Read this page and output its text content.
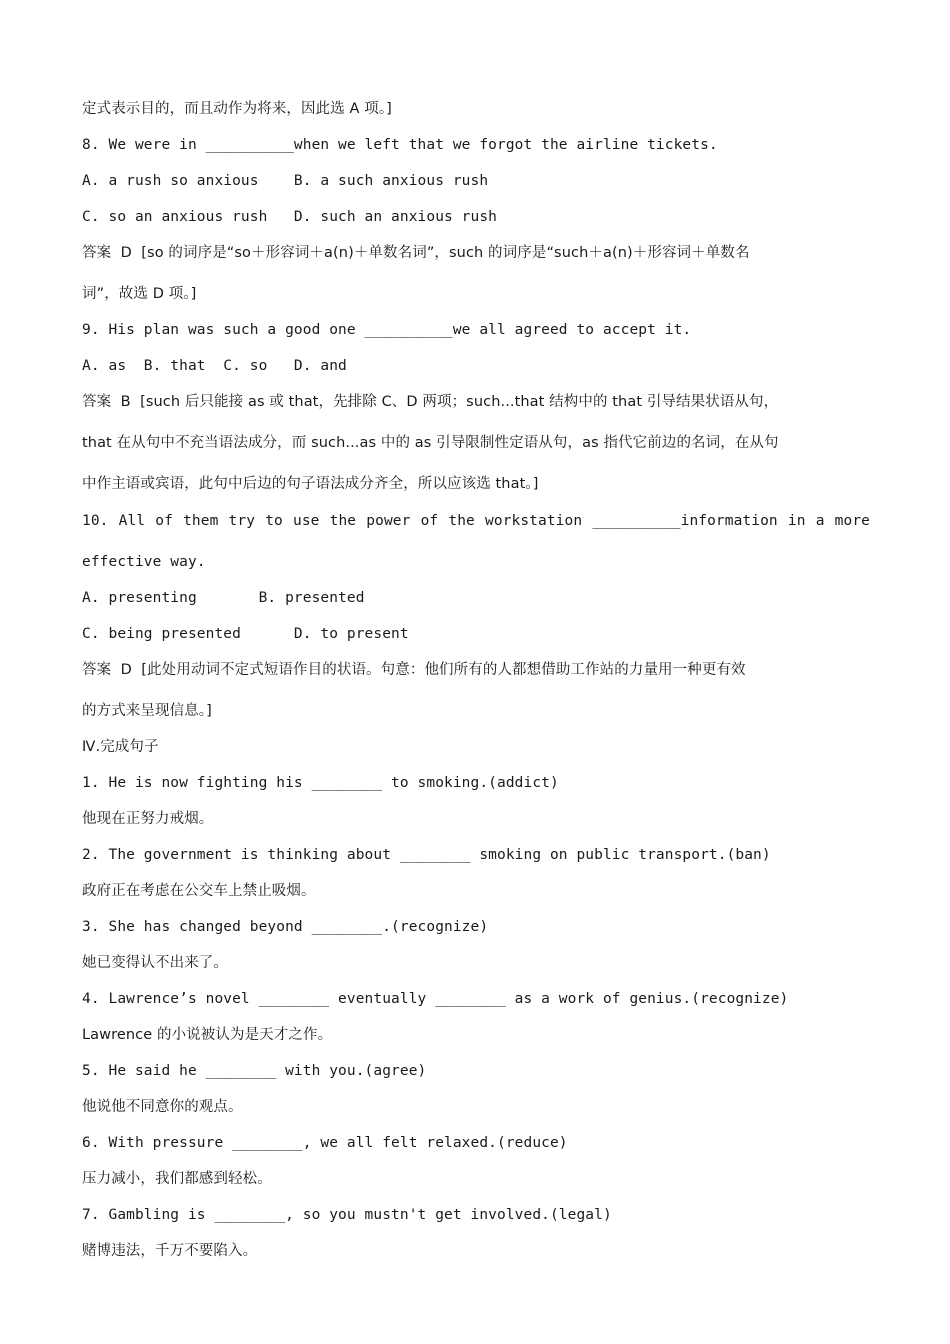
定式表示目的，而且动作为将来，因此选 A 项。]
8. We were in __________when we left that we forgot the airline tickets.
A. a rush so anxious    B. a such anxious rush
C. so an anxious rush   D. such an anxious rush
答案  D  [so 的词序是“so＋形容词＋a(n)＋单数名词”，such 的词序是“such＋a(n)＋形容词＋单数名
词”，故选 D 项。]
9. His plan was such a good one __________we all agreed to accept it.
A. as  B. that  C. so   D. and
答案  B  [such 后只能接 as 或 that，先排除 C、D 两项；such...that 结构中的 that 引导结果状语从句，
that 在从句中不充当语法成分，而 such...as 中的 as 引导限制性定语从句，as 指代它前边的名词，在从句
中作主语或宾语，此句中后边的句子语法成分齐全，所以应该选 that。]
10. All of them try to use the power of the workstation __________information in a more
effective way.
A. presenting       B. presented
C. being presented      D. to present
答案  D  [此处用动词不定式短语作目的状语。句意：他们所有的人都想借助工作站的力量用一种更有效
的方式来呈现信息。]
Ⅳ.完成句子
1. He is now fighting his ________ to smoking.(addict)
他现在正努力戒烟。
2. The government is thinking about ________ smoking on public transport.(ban)
政府正在考虑在公交车上禁止吸烟。
3. She has changed beyond ________.(recognize)
她已变得认不出来了。
4. Lawrence’s novel ________ eventually ________ as a work of genius.(recognize)
Lawrence 的小说被认为是天才之作。
5. He said he ________ with you.(agree)
他说他不同意你的观点。
6. With pressure ________, we all felt relaxed.(reduce)
压力减小，我们都感到轻松。
7. Gambling is ________, so you mustn't get involved.(legal)
赌博违法，千万不要陷入。
